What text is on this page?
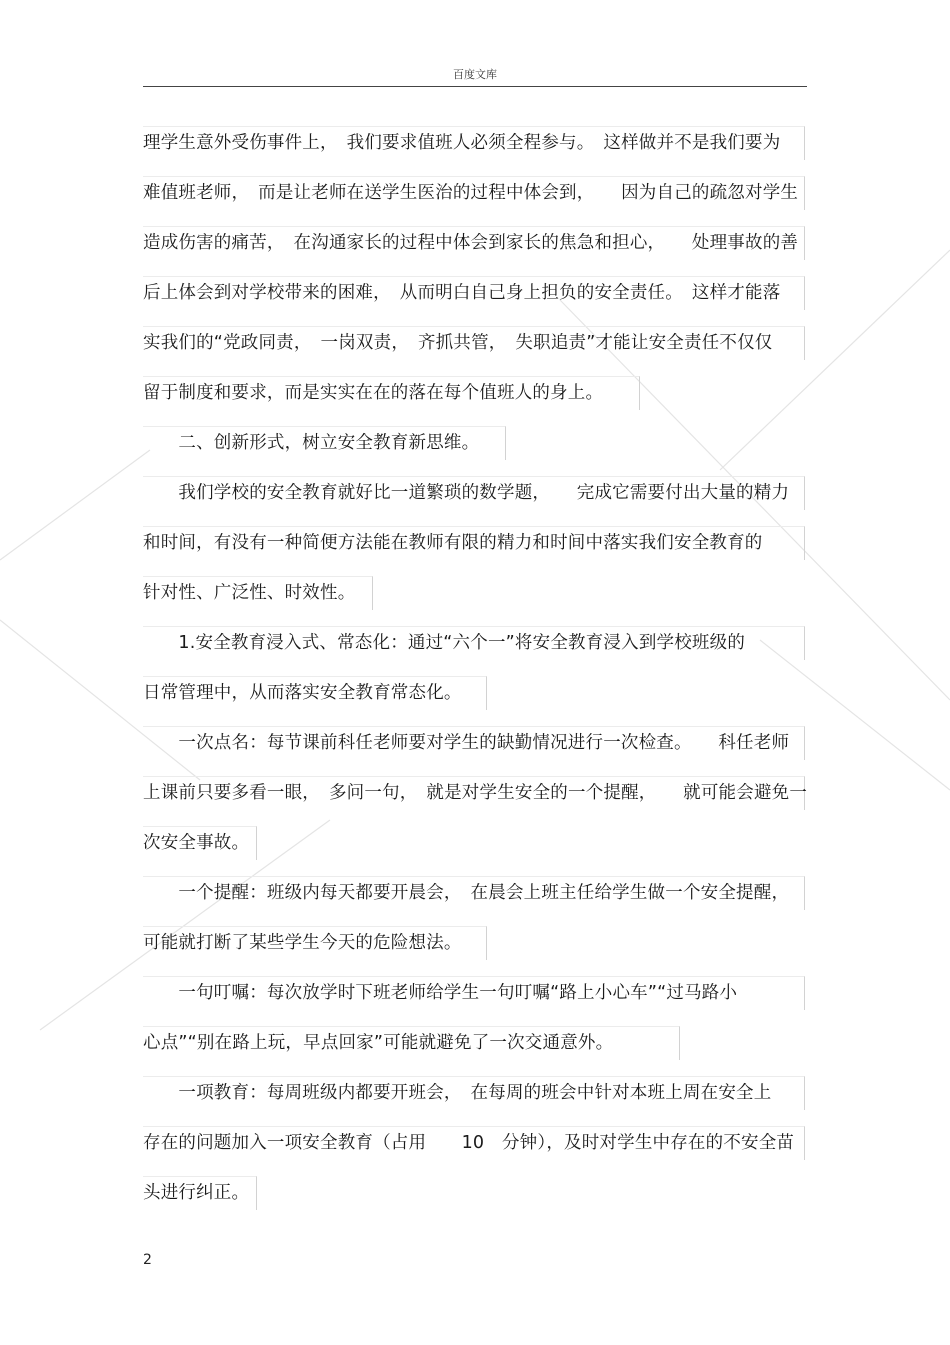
百度文库
理学生意外受伤事件上，　我们要求值班人必须全程参与。　这样做并不是我们要为
难值班老师，　而是让老师在送学生医治的过程中体会到，　　因为自己的疏忽对学生
造成伤害的痛苦，　在沟通家长的过程中体会到家长的焦急和担心，　　处理事故的善
后上体会到对学校带来的困难，　从而明白自己身上担负的安全责任。　这样才能落
实我们的“党政同责，　一岗双责，　齐抓共管，　失职追责”才能让安全责任不仅仅
留于制度和要求，而是实实在在的落在每个值班人的身上。
　　二、创新形式，树立安全教育新思维。
　　我们学校的安全教育就好比一道繁琐的数学题，　　完成它需要付出大量的精力
和时间，有没有一种简便方法能在教师有限的精力和时间中落实我们安全教育的
针对性、广泛性、时效性。
　　1.安全教育浸入式、常态化：通过“六个一”将安全教育浸入到学校班级的
日常管理中，从而落实安全教育常态化。
　　一次点名：每节课前科任老师要对学生的缺勤情况进行一次检查。　　科任老师
上课前只要多看一眼，　多问一句，　就是对学生安全的一个提醒，　　就可能会避免一
次安全事故。
　　一个提醒：班级内每天都要开晨会，　在晨会上班主任给学生做一个安全提醒，
可能就打断了某些学生今天的危险想法。
　　一句叮嘱：每次放学时下班老师给学生一句叮嘱“路上小心车”“过马路小
心点”“别在路上玩，早点回家”可能就避免了一次交通意外。
　　一项教育：每周班级内都要开班会，　在每周的班会中针对本班上周在安全上
存在的问题加入一项安全教育（占用　　10　分钟），及时对学生中存在的不安全苗
头进行纠正。
2
